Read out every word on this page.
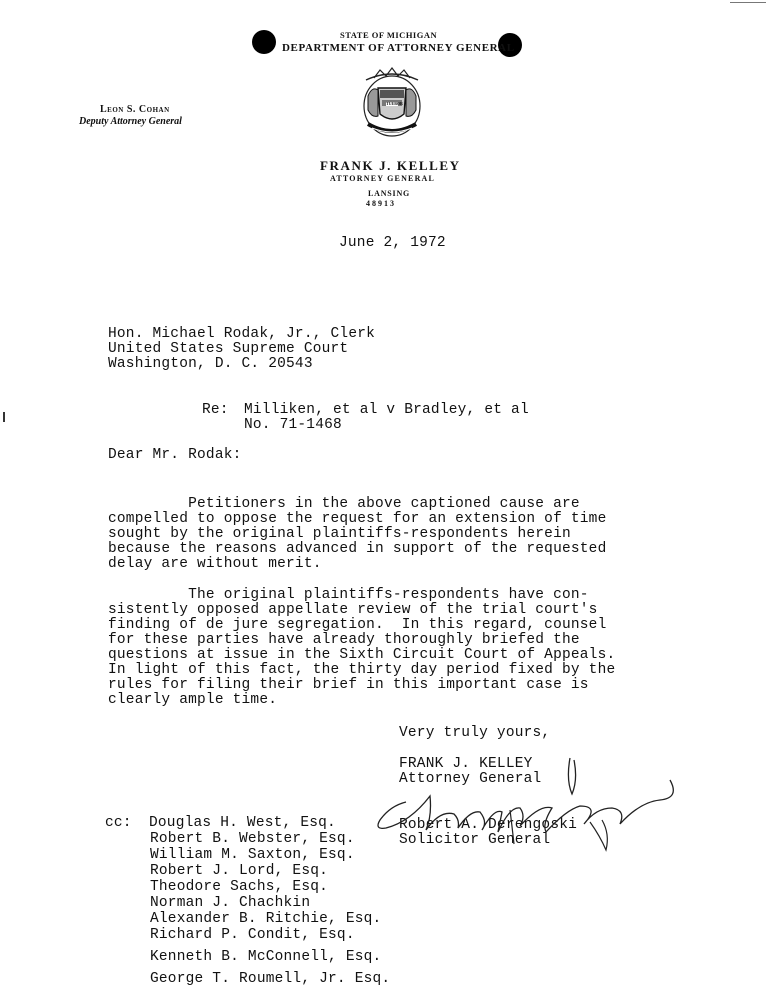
STATE OF MICHIGAN
DEPARTMENT OF ATTORNEY GENERAL
Leon S. Cohan
Deputy Attorney General
TUEBOR
FRANK J. KELLEY
ATTORNEY GENERAL
LANSING
4 8 9 1 3
June 2, 1972
Hon. Michael Rodak, Jr., Clerk
United States Supreme Court
Washington, D. C. 20543
Re: Milliken, et al v Bradley, et al
No. 71-1468
Dear Mr. Rodak:
Petitioners in the above captioned cause are
compelled to oppose the request for an extension of time
sought by the original plaintiffs-respondents herein
because the reasons advanced in support of the requested
delay are without merit.
The original plaintiffs-respondents have con-
sistently opposed appellate review of the trial court's
finding of de jure segregation.  In this regard, counsel
for these parties have already thoroughly briefed the
questions at issue in the Sixth Circuit Court of Appeals.
In light of this fact, the thirty day period fixed by the
rules for filing their brief in this important case is
clearly ample time.
Very truly yours,
FRANK J. KELLEY
Attorney General
Robert A. Derengoski
Solicitor General
cc: Douglas H. West, Esq.
Robert B. Webster, Esq.
William M. Saxton, Esq.
Robert J. Lord, Esq.
Theodore Sachs, Esq.
Norman J. Chachkin
Alexander B. Ritchie, Esq.
Richard P. Condit, Esq.
Kenneth B. McConnell, Esq.
George T. Roumell, Jr. Esq.
